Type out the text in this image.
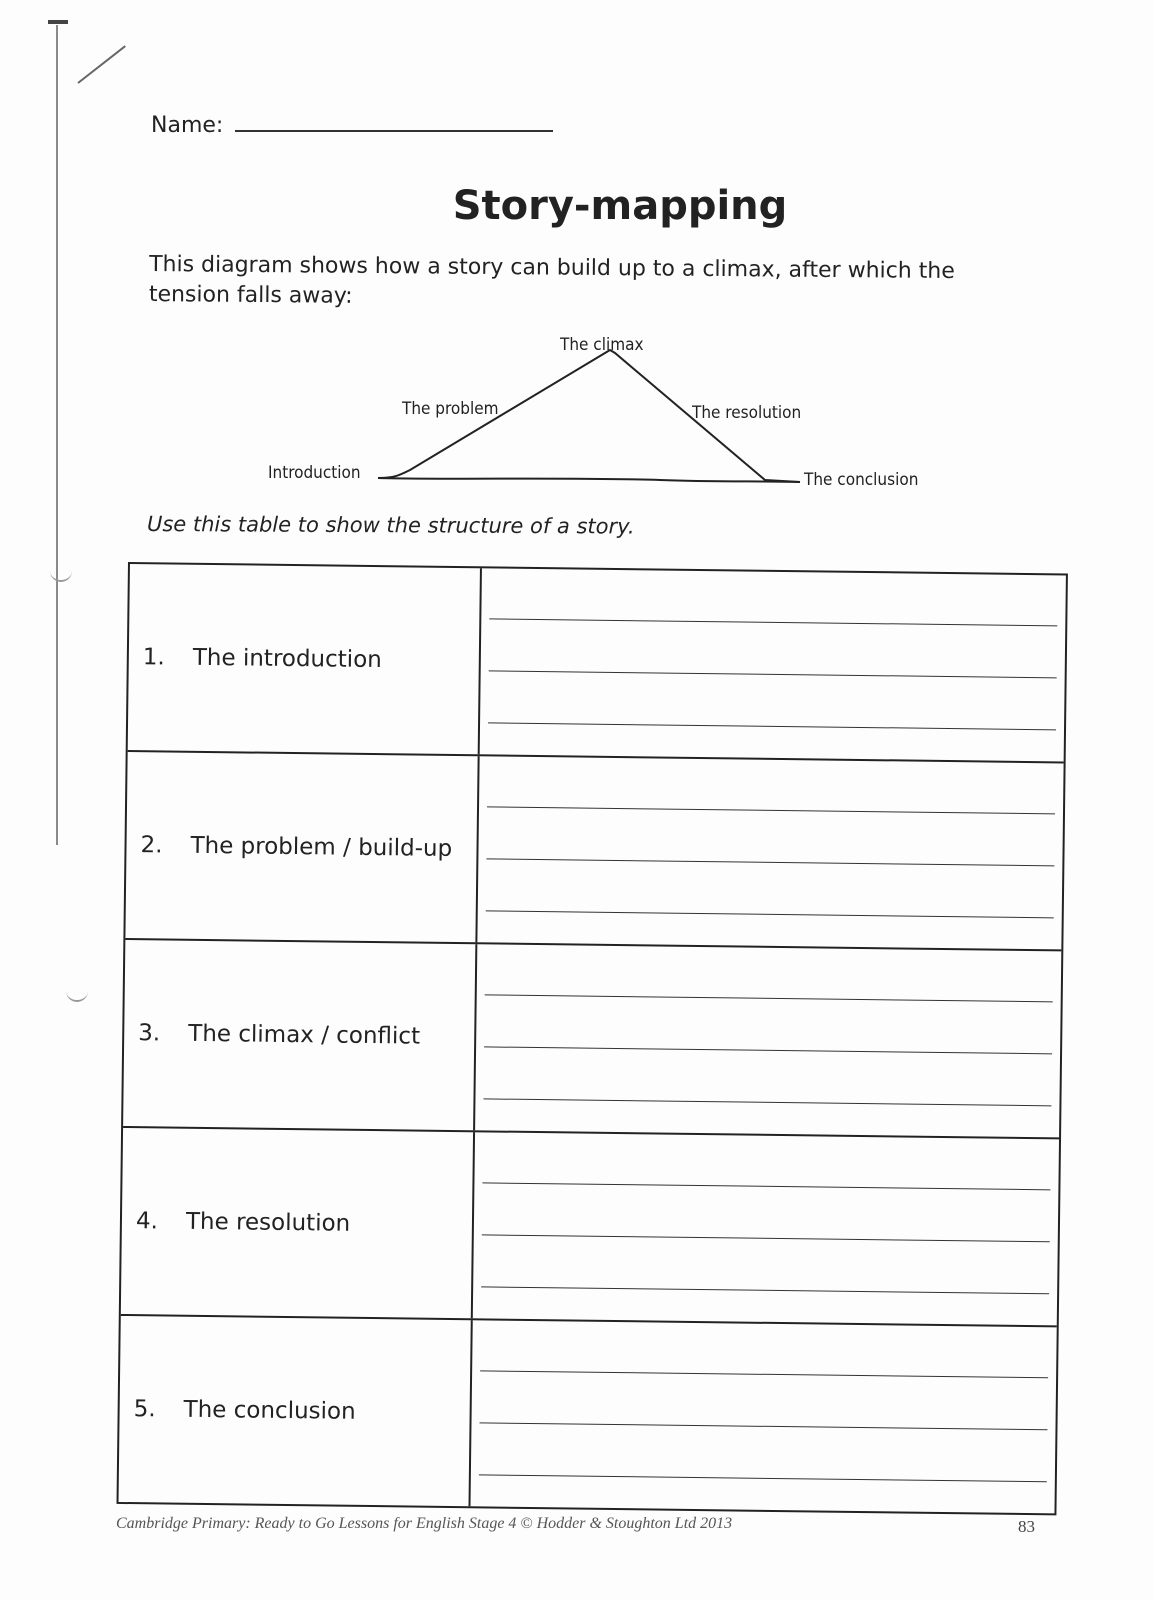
Name:
Story-mapping
This diagram shows how a story can build up to a climax, after which the tension falls away:
The climax
The problem	The resolution
Introduction	The conclusion
Use this table to show the structure of a story.
1.	The introduction
2.	The problem / build-up
3.	The climax / conflict
4.	The resolution
5.	The conclusion
Cambridge Primary: Ready to Go Lessons for English Stage 4 © Hodder & Stoughton Ltd 2013	83
